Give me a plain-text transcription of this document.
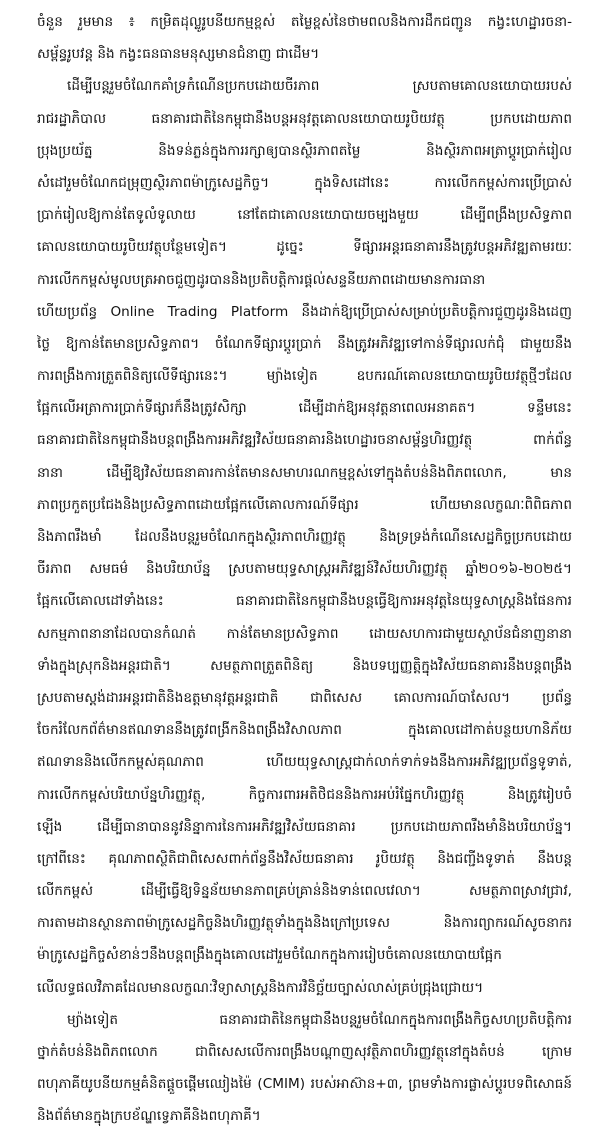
ចំនួន រួមមាន ៖ កម្រិតដុល្លូរូបនីយកម្មខ្ពស់ តម្លៃខ្ពស់នៃថាមពលនិងការដឹកជញ្ជូន កង្វះហេដ្ឋារចនា-
សម្ព័ន្ធរូបវន្ត និង កង្វះធនធានមនុស្សមានជំនាញ ជាដើម។
ដើម្បីបន្តរួមចំណែកគាំទ្រកំណើនប្រកបដោយចីរភាព ស្របតាមគោលនយោបាយរបស់
រាជរដ្ឋាភិបាល ធនាគារជាតិនៃកម្ពុជានឹងបន្តអនុវត្តគោលនយោបាយរូបិយវត្ថុ ប្រកបដោយភាព
ប្រុងប្រយ័ត្ន និងទន់ភ្លន់ក្នុងការរក្សាឲ្យបានស្ថិរភាពតម្លៃ និងស្ថិរភាពអត្រាប្តូរប្រាក់រៀល
សំដៅរួមចំណែកជម្រុញស្ថិរភាពម៉ាក្រូសេដ្ឋកិច្ច។ ក្នុងទិសដៅនេះ ការលើកកម្ពស់ការប្រើប្រាស់
ប្រាក់រៀលឱ្យកាន់តែទូលំទូលាយ នៅតែជាគោលនយោបាយចម្បងមួយ ដើម្បីពង្រឹងប្រសិទ្ធភាព
គោលនយោបាយរូបិយវត្ថុបន្ថែមទៀត។ ដូច្នេះ ទីផ្សារអន្តរធនាគារនឹងត្រូវបន្តអភិវឌ្ឍតាមរយៈ
ការលើកកម្ពស់មូលបត្រអាចជួញដូរបាននិងប្រតិបត្តិការផ្តល់សន្ទនីយភាពដោយមានការធានា
ហើយប្រព័ន្ធ Online Trading Platform នឹងដាក់ឱ្យប្រើប្រាស់សម្រាប់ប្រតិបត្តិការជួញដូរនិងដេញ
ថ្លៃ ឱ្យកាន់តែមានប្រសិទ្ធភាព។ ចំណែកទីផ្សារប្តូរប្រាក់ នឹងត្រូវអភិវឌ្ឍទៅកាន់ទីផ្សារលក់ជុំ ជាមួយនឹង
ការពង្រឹងការត្រួតពិនិត្យលើទីផ្សារនេះ។ ម្យ៉ាងទៀត ឧបករណ៍គោលនយោបាយរូបិយវត្ថុថ្មីៗដែល
ផ្អែកលើអត្រាការប្រាក់ទីផ្សារក៏នឹងត្រូវសិក្សា ដើម្បីដាក់ឱ្យអនុវត្តនាពេលអនាគត។ ទន្ទឹមនេះ
ធនាគារជាតិនៃកម្ពុជានឹងបន្តពង្រឹងការអភិវឌ្ឍវិស័យធនាគារនិងហេដ្ឋារចនាសម្ព័ន្ធហិរញ្ញវត្ថុ ពាក់ព័ន្ធ
នានា ដើម្បីឱ្យវិស័យធនាគារកាន់តែមានសមាហរណកម្មខ្ពស់ទៅក្នុងតំបន់និងពិភពលោក, មាន
ភាពប្រកួតប្រជែងនិងប្រសិទ្ធភាពដោយផ្អែកលើគោលការណ៍ទីផ្សារ ហើយមានលក្ខណៈពិពិធភាព
និងភាពរឹងមាំ ដែលនឹងបន្តរួមចំណែកក្នុងស្ថិរភាពហិរញ្ញវត្ថុ និងទ្រទ្រង់កំណើនសេដ្ឋកិច្ចប្រកបដោយ
ចីរភាព សមធម៌ និងបរិយាប័ន្ន ស្របតាមយុទ្ធសាស្ត្រអភិវឌ្ឍន៍វិស័យហិរញ្ញវត្ថុ ឆ្នាំ២០១៦-២០២៥។
ផ្អែកលើគោលដៅទាំងនេះ ធនាគារជាតិនៃកម្ពុជានឹងបន្តធ្វើឱ្យការអនុវត្តនៃយុទ្ធសាស្ត្រនិងផែនការ
សកម្មភាពនានាដែលបានកំណត់ កាន់តែមានប្រសិទ្ធភាព ដោយសហការជាមួយស្ថាប័នជំនាញនានា
ទាំងក្នុងស្រុកនិងអន្តរជាតិ។ សមត្ថភាពត្រួតពិនិត្យ និងបទប្បញ្ញត្តិក្នុងវិស័យធនាគារនឹងបន្តពង្រឹង
ស្របតាមស្តង់ដារអន្តរជាតិនិងឧត្តមានុវត្តអន្តរជាតិ ជាពិសេស គោលការណ៍បាសែល។ ប្រព័ន្ធ
ចែករំលែកព័ត៌មានឥណទាននឹងត្រូវពង្រីកនិងពង្រឹងវិសាលភាព ក្នុងគោលដៅកាត់បន្ថយហានិភ័យ
ឥណទាននិងលើកកម្ពស់គុណភាព ហើយយុទ្ធសាស្ត្រជាក់លាក់ទាក់ទងនឹងការអភិវឌ្ឍប្រព័ន្ធទូទាត់,
ការលើកកម្ពស់បរិយាប័ន្នហិរញ្ញវត្ថុ, កិច្ចការពារអតិថិជននិងការអប់រំផ្នែកហិរញ្ញវត្ថុ និងត្រូវរៀបចំ
ឡើង ដើម្បីធានាបាននូវនិន្នាការនៃការអភិវឌ្ឍវិស័យធនាគារ ប្រកបដោយភាពរឹងមាំនិងបរិយាប័ន្ន។
ក្រៅពីនេះ គុណភាពស្ថិតិជាពិសេសពាក់ព័ន្ធនឹងវិស័យធនាគារ រូបិយវត្ថុ និងជញ្ជីងទូទាត់ នឹងបន្ត
លើកកម្ពស់ ដើម្បីធ្វើឱ្យទិន្នន័យមានភាពគ្រប់គ្រាន់និងទាន់ពេលវេលា។ សមត្ថភាពស្រាវជ្រាវ,
ការតាមដានស្ថានភាពម៉ាក្រូសេដ្ឋកិច្ចនិងហិរញ្ញវត្ថុទាំងក្នុងនិងក្រៅប្រទេស និងការព្យាករណ៍សូចនាករ
ម៉ាក្រូសេដ្ឋកិច្ចសំខាន់ៗនឹងបន្តពង្រឹងក្នុងគោលដៅរួមចំណែកក្នុងការរៀបចំគោលនយោបាយផ្អែក
លើលទ្ធផលវិភាគដែលមានលក្ខណៈវិទ្យាសាស្ត្រនិងការវិនិច្ឆ័យច្បាស់លាស់គ្រប់ជ្រុងជ្រោយ។
ម្យ៉ាងទៀត ធនាគារជាតិនៃកម្ពុជានឹងបន្តរួមចំណែកក្នុងការពង្រឹងកិច្ចសហប្រតិបត្តិការ
ថ្នាក់តំបន់និងពិភពលោក ជាពិសេសលើការពង្រឹងបណ្តាញសុវត្ថិភាពហិរញ្ញវត្ថុនៅក្នុងតំបន់ ក្រោម
ពហុភាគីយូបនីយកម្មគំនិតផ្តួចផ្តើមឈៀងម៉ៃ (CMIM) របស់អាស៊ាន+៣, ព្រមទាំងការផ្លាស់ប្តូរបទពិសោធន៍
និងព័ត៌មានក្នុងក្របខ័ណ្ឌទ្វេភាគីនិងពហុភាគី។
